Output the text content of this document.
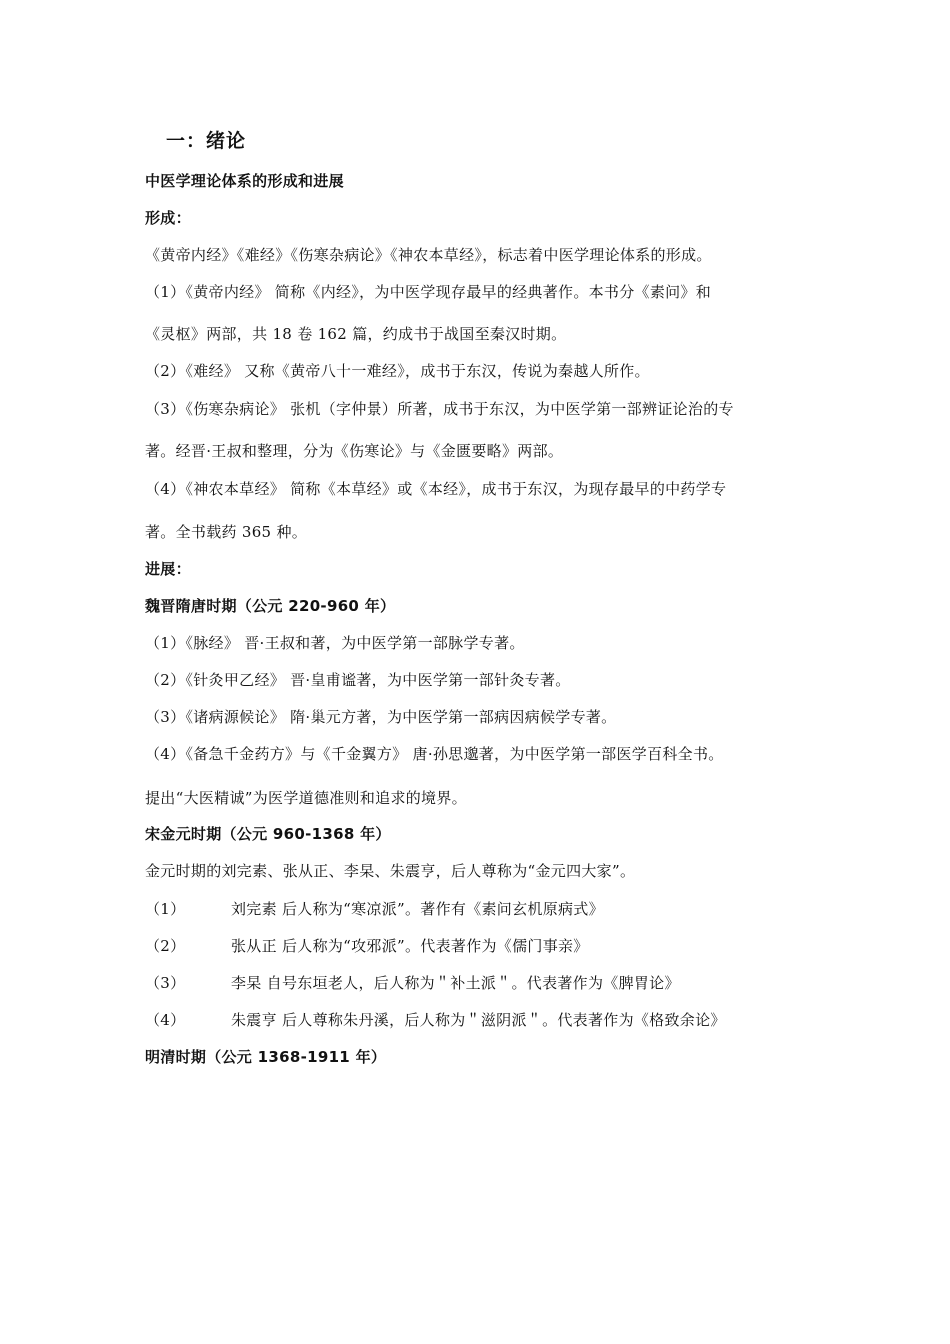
一：绪论
中医学理论体系的形成和进展
形成：
《黄帝内经》《难经》《伤寒杂病论》《神农本草经》，标志着中医学理论体系的形成。
（1）《黄帝内经》 简称《内经》，为中医学现存最早的经典著作。本书分《素问》和
《灵枢》两部，共 18 卷 162 篇，约成书于战国至秦汉时期。
（2）《难经》 又称《黄帝八十一难经》，成书于东汉，传说为秦越人所作。
（3）《伤寒杂病论》 张机（字仲景）所著，成书于东汉，为中医学第一部辨证论治的专
著。经晋·王叔和整理，分为《伤寒论》与《金匮要略》两部。
（4）《神农本草经》 简称《本草经》或《本经》，成书于东汉，为现存最早的中药学专
著。全书载药 365 种。
进展：
魏晋隋唐时期（公元 220-960 年）
（1）《脉经》 晋·王叔和著，为中医学第一部脉学专著。
（2）《针灸甲乙经》 晋·皇甫谧著，为中医学第一部针灸专著。
（3）《诸病源候论》 隋·巢元方著，为中医学第一部病因病候学专著。
（4）《备急千金药方》与《千金翼方》 唐·孙思邈著，为中医学第一部医学百科全书。
提出“大医精诚”为医学道德准则和追求的境界。
宋金元时期（公元 960-1368 年）
金元时期的刘完素、张从正、李杲、朱震亨，后人尊称为“金元四大家”。
（1）	刘完素 后人称为“寒凉派”。著作有《素问玄机原病式》
（2）	张从正 后人称为“攻邪派”。代表著作为《儒门事亲》
（3）	李杲 自号东垣老人，后人称为＂补土派＂。代表著作为《脾胃论》
（4）	朱震亨 后人尊称朱丹溪，后人称为＂滋阴派＂。代表著作为《格致余论》
明清时期（公元 1368-1911 年）
